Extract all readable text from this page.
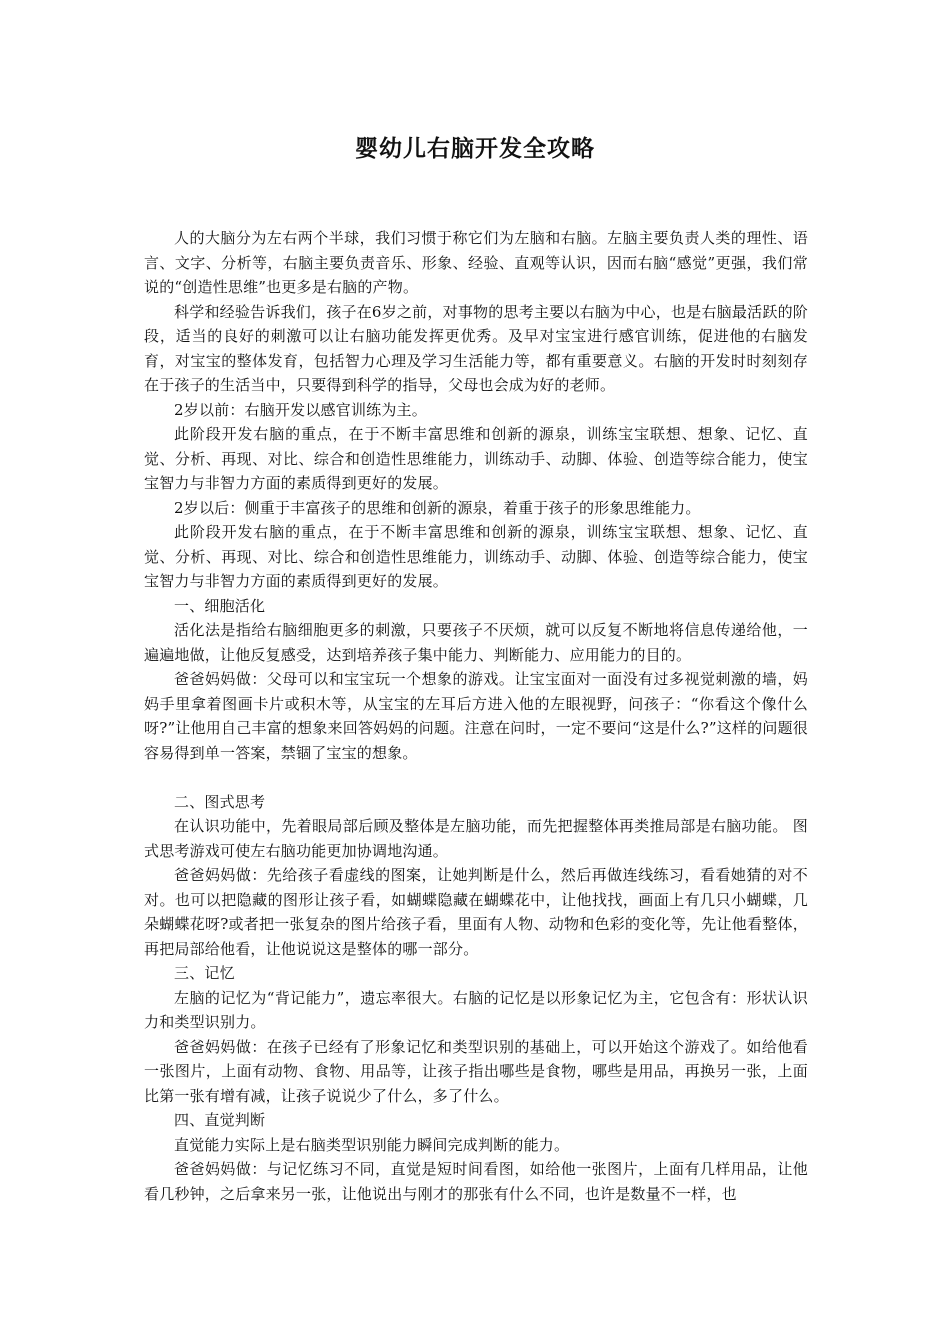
婴幼儿右脑开发全攻略

人的大脑分为左右两个半球，我们习惯于称它们为左脑和右脑。左脑主要负责人类的理性、语言、文字、分析等，右脑主要负责音乐、形象、经验、直观等认识，因而右脑“感觉”更强，我们常说的“创造性思维”也更多是右脑的产物。

科学和经验告诉我们，孩子在6岁之前，对事物的思考主要以右脑为中心，也是右脑最活跃的阶段，适当的良好的刺激可以让右脑功能发挥更优秀。及早对宝宝进行感官训练，促进他的右脑发育，对宝宝的整体发育，包括智力心理及学习生活能力等，都有重要意义。右脑的开发时时刻刻存在于孩子的生活当中，只要得到科学的指导，父母也会成为好的老师。

2岁以前：右脑开发以感官训练为主。

此阶段开发右脑的重点，在于不断丰富思维和创新的源泉，训练宝宝联想、想象、记忆、直觉、分析、再现、对比、综合和创造性思维能力，训练动手、动脚、体验、创造等综合能力，使宝宝智力与非智力方面的素质得到更好的发展。

2岁以后：侧重于丰富孩子的思维和创新的源泉，着重于孩子的形象思维能力。

此阶段开发右脑的重点，在于不断丰富思维和创新的源泉，训练宝宝联想、想象、记忆、直觉、分析、再现、对比、综合和创造性思维能力，训练动手、动脚、体验、创造等综合能力，使宝宝智力与非智力方面的素质得到更好的发展。

一、细胞活化

活化法是指给右脑细胞更多的刺激，只要孩子不厌烦，就可以反复不断地将信息传递给他，一遍遍地做，让他反复感受，达到培养孩子集中能力、判断能力、应用能力的目的。

爸爸妈妈做：父母可以和宝宝玩一个想象的游戏。让宝宝面对一面没有过多视觉刺激的墙，妈妈手里拿着图画卡片或积木等，从宝宝的左耳后方进入他的左眼视野，问孩子：“你看这个像什么呀?”让他用自己丰富的想象来回答妈妈的问题。注意在问时，一定不要问“这是什么?”这样的问题很容易得到单一答案，禁锢了宝宝的想象。

二、图式思考

在认识功能中，先着眼局部后顾及整体是左脑功能，而先把握整体再类推局部是右脑功能。 图式思考游戏可使左右脑功能更加协调地沟通。

爸爸妈妈做：先给孩子看虚线的图案，让她判断是什么，然后再做连线练习，看看她猜的对不对。也可以把隐藏的图形让孩子看，如蝴蝶隐藏在蝴蝶花中，让他找找，画面上有几只小蝴蝶，几朵蝴蝶花呀?或者把一张复杂的图片给孩子看，里面有人物、动物和色彩的变化等，先让他看整体，再把局部给他看，让他说说这是整体的哪一部分。

三、记忆

左脑的记忆为“背记能力”，遗忘率很大。右脑的记忆是以形象记忆为主，它包含有：形状认识力和类型识别力。

爸爸妈妈做：在孩子已经有了形象记忆和类型识别的基础上，可以开始这个游戏了。如给他看一张图片，上面有动物、食物、用品等，让孩子指出哪些是食物，哪些是用品，再换另一张，上面比第一张有增有减，让孩子说说少了什么，多了什么。

四、直觉判断

直觉能力实际上是右脑类型识别能力瞬间完成判断的能力。

爸爸妈妈做：与记忆练习不同，直觉是短时间看图，如给他一张图片，上面有几样用品，让他看几秒钟，之后拿来另一张，让他说出与刚才的那张有什么不同，也许是数量不一样，也
